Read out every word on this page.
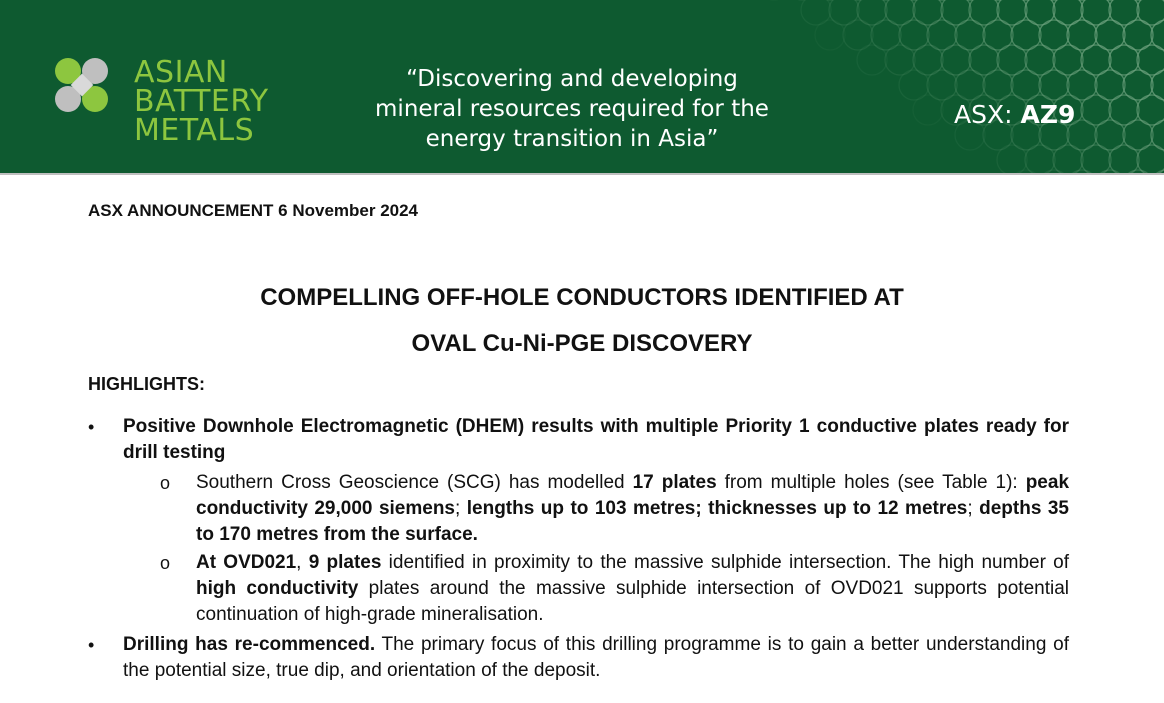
ASIAN
BATTERY
METALS
“Discovering and developing
mineral resources required for the
energy transition in Asia”
ASX: AZ9
ASX ANNOUNCEMENT 6 November 2024
COMPELLING OFF-HOLE CONDUCTORS IDENTIFIED AT
OVAL Cu-Ni-PGE DISCOVERY
HIGHLIGHTS:
• Positive Downhole Electromagnetic (DHEM) results with multiple Priority 1 conductive plates ready for drill testing
o Southern Cross Geoscience (SCG) has modelled 17 plates from multiple holes (see Table 1): peak conductivity 29,000 siemens; lengths up to 103 metres; thicknesses up to 12 metres; depths 35 to 170 metres from the surface.
o At OVD021, 9 plates identified in proximity to the massive sulphide intersection. The high number of high conductivity plates around the massive sulphide intersection of OVD021 supports potential continuation of high-grade mineralisation.
• Drilling has re-commenced. The primary focus of this drilling programme is to gain a better understanding of the potential size, true dip, and orientation of the deposit.
